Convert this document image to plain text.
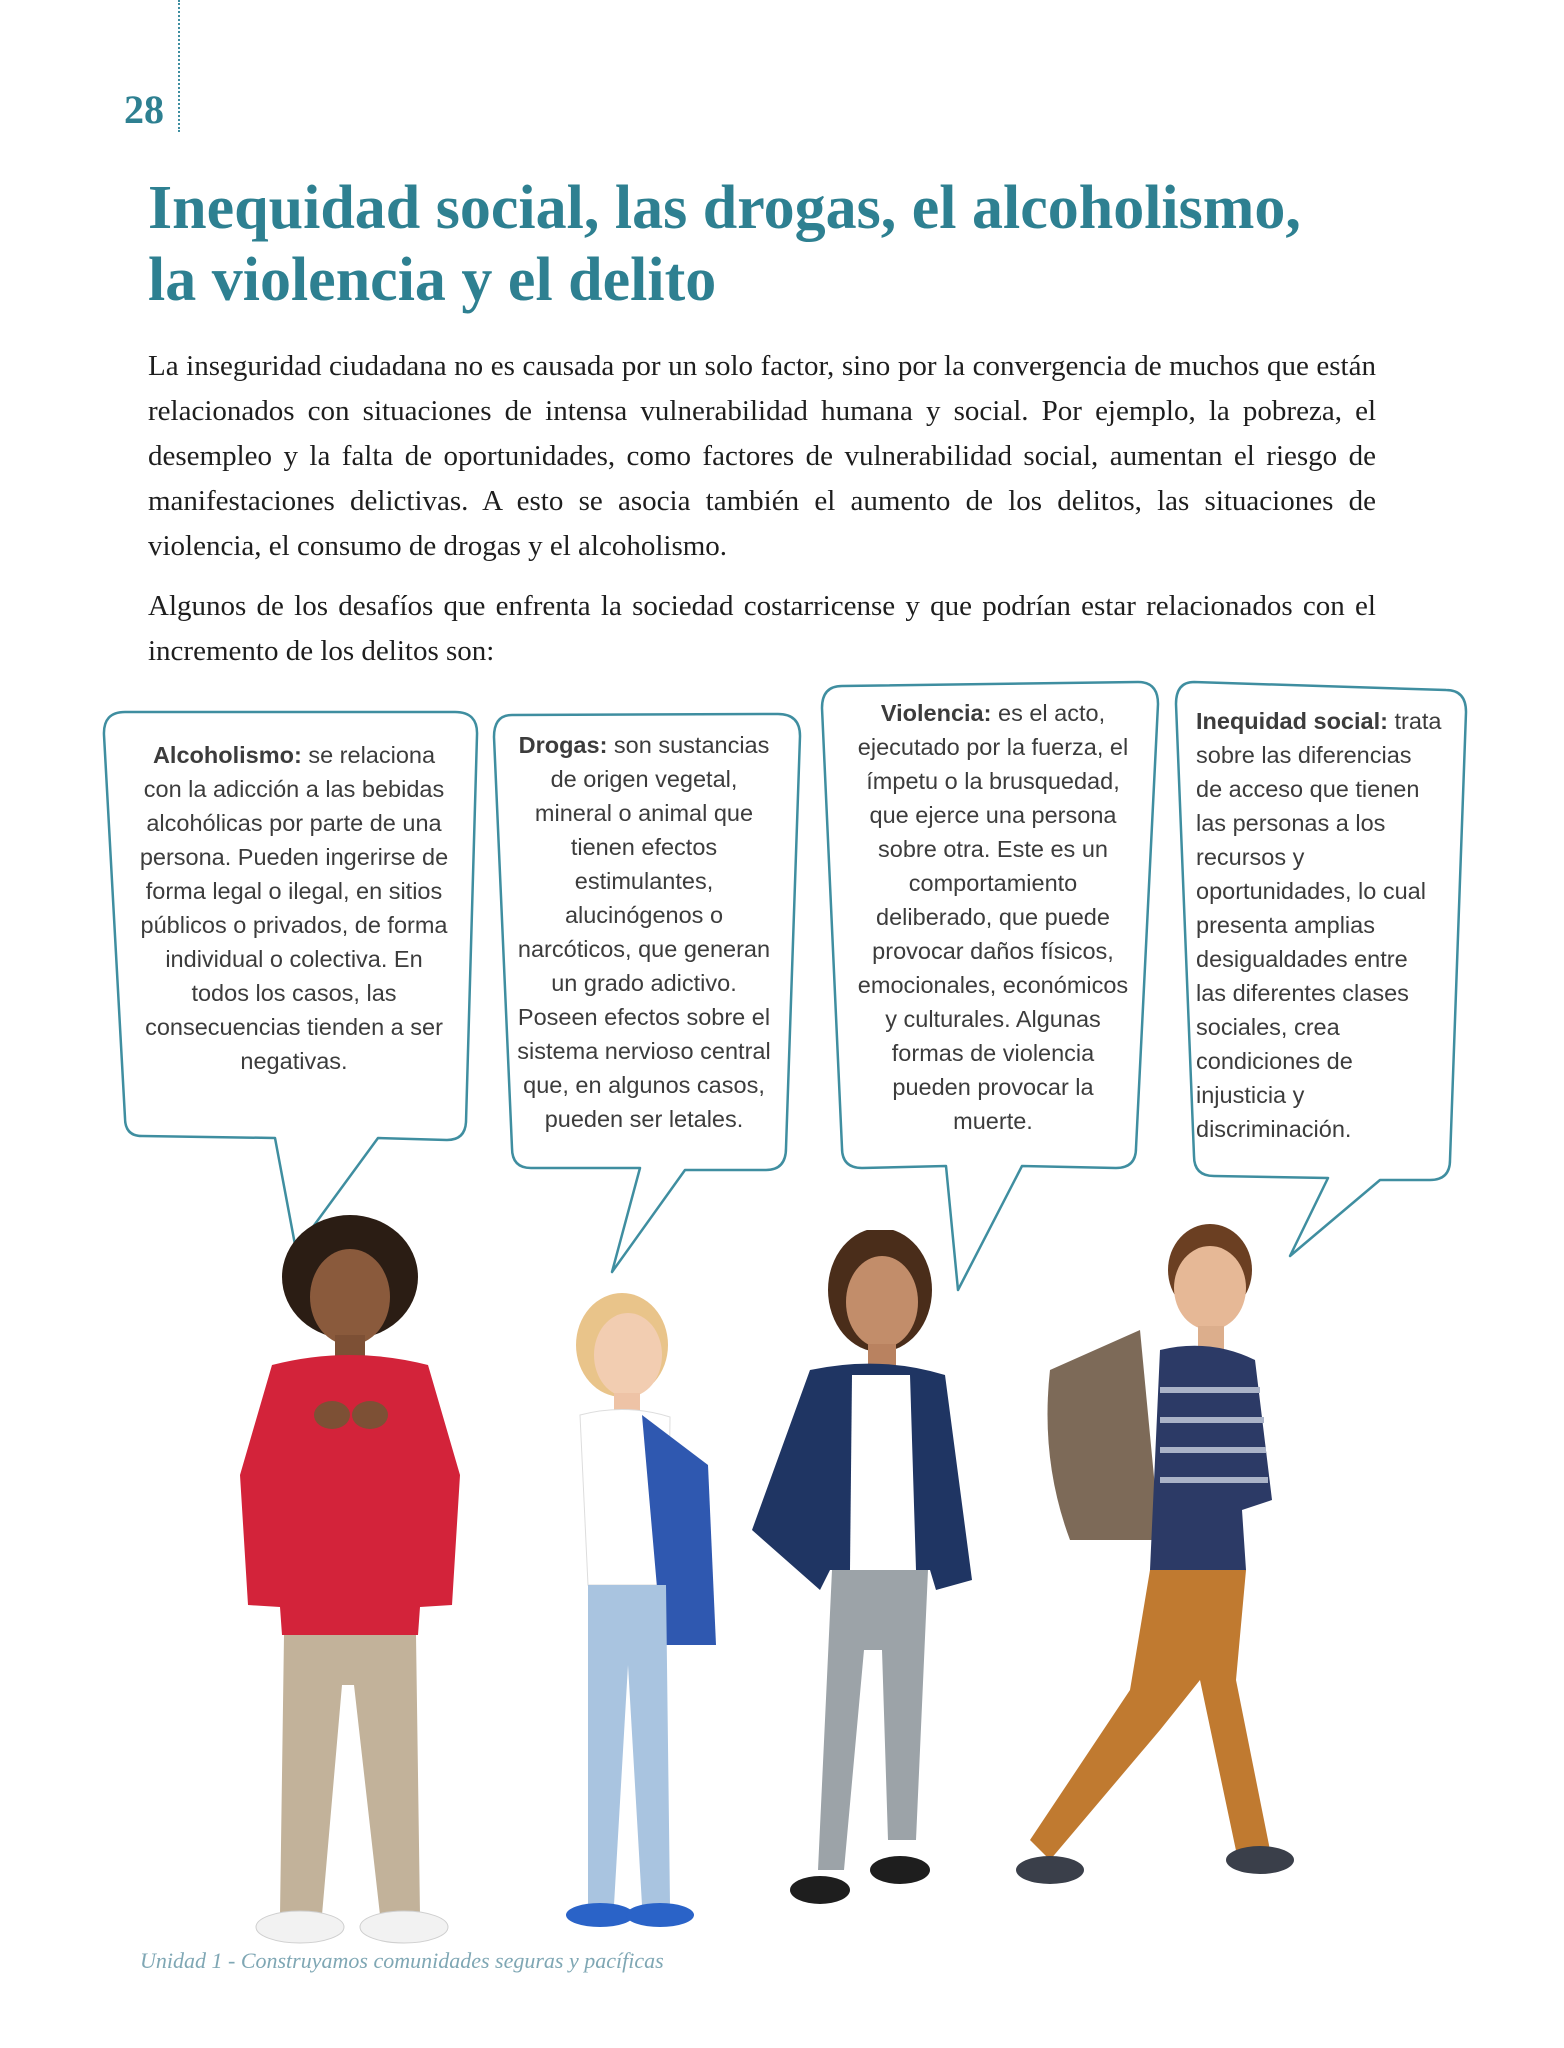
28
Inequidad social, las drogas, el alcoholismo,
la violencia y el delito

La inseguridad ciudadana no es causada por un solo factor, sino por la convergencia de muchos que están relacionados con situaciones de intensa vulnerabilidad humana y social. Por ejemplo, la pobreza, el desempleo y la falta de oportunidades, como factores de vulnerabilidad social, aumentan el riesgo de manifestaciones delictivas. A esto se asocia también el aumento de los delitos, las situaciones de violencia, el consumo de drogas y el alcoholismo.

Algunos de los desafíos que enfrenta la sociedad costarricense y que podrían estar relacionados con el incremento de los delitos son:

Alcoholismo: se relaciona con la adicción a las bebidas alcohólicas por parte de una persona. Pueden ingerirse de forma legal o ilegal, en sitios públicos o privados, de forma individual o colectiva. En todos los casos, las consecuencias tienden a ser negativas.

Drogas: son sustancias de origen vegetal, mineral o animal que tienen efectos estimulantes, alucinógenos o narcóticos, que generan un grado adictivo. Poseen efectos sobre el sistema nervioso central que, en algunos casos, pueden ser letales.

Violencia: es el acto, ejecutado por la fuerza, el ímpetu o la brusquedad, que ejerce una persona sobre otra. Este es un comportamiento deliberado, que puede provocar daños físicos, emocionales, económicos y culturales. Algunas formas de violencia pueden provocar la muerte.

Inequidad social: trata sobre las diferencias de acceso que tienen las personas a los recursos y oportunidades, lo cual presenta amplias desigualdades entre las diferentes clases sociales, crea condiciones de injusticia y discriminación.

Unidad 1 - Construyamos comunidades seguras y pacíficas
